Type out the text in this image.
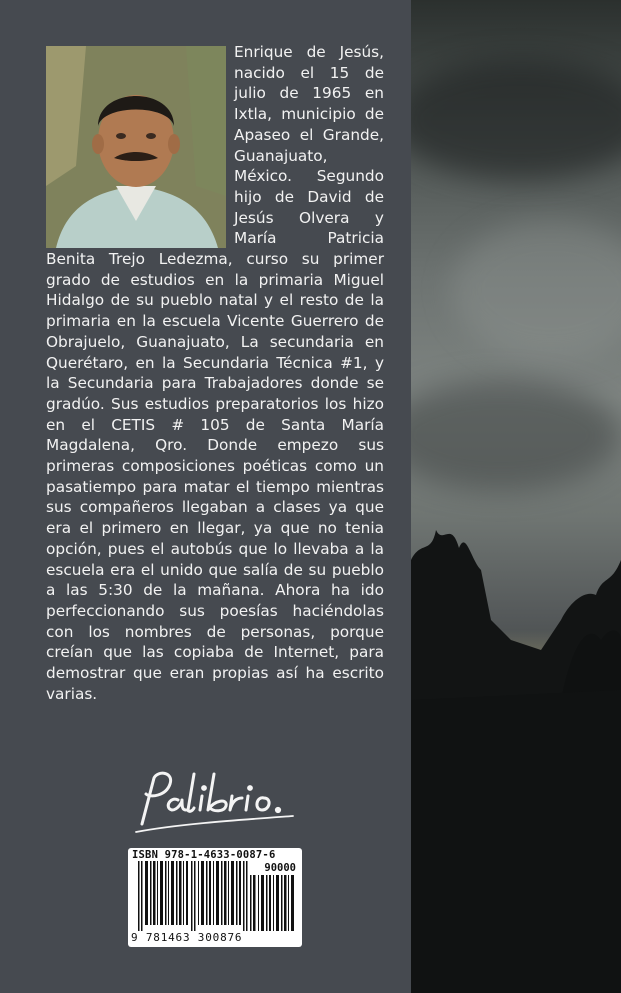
Enrique de Jesús, nacido el 15 de julio de 1965 en Ixtla, municipio de Apaseo el Grande, Guanajuato, México. Segundo hijo de David de Jesús Olvera y María Patricia Benita Trejo Ledezma, curso su primer grado de estudios en la primaria Miguel Hidalgo de su pueblo natal y el resto de la primaria en la escuela Vicente Guerrero de Obrajuelo, Guanajuato, La secundaria en Querétaro, en la Secundaria Técnica #1, y la Secundaria para Trabajadores donde se gradúo. Sus estudios preparatorios los hizo en el CETIS # 105 de Santa María Magdalena, Qro. Donde empezo sus primeras composiciones poéticas como un pasatiempo para matar el tiempo mientras sus compañeros llegaban a clases ya que era el primero en llegar, ya que no tenia opción, pues el autobús que lo llevaba a la escuela era el unido que salía de su pueblo a las 5:30 de la mañana. Ahora ha ido perfeccionando sus poesías haciéndolas con los nombres de personas, porque creían que las copiaba de Internet, para demostrar que eran propias así ha escrito varias.
ISBN 978-1-4633-0087-6
90000
9 781463 300876
